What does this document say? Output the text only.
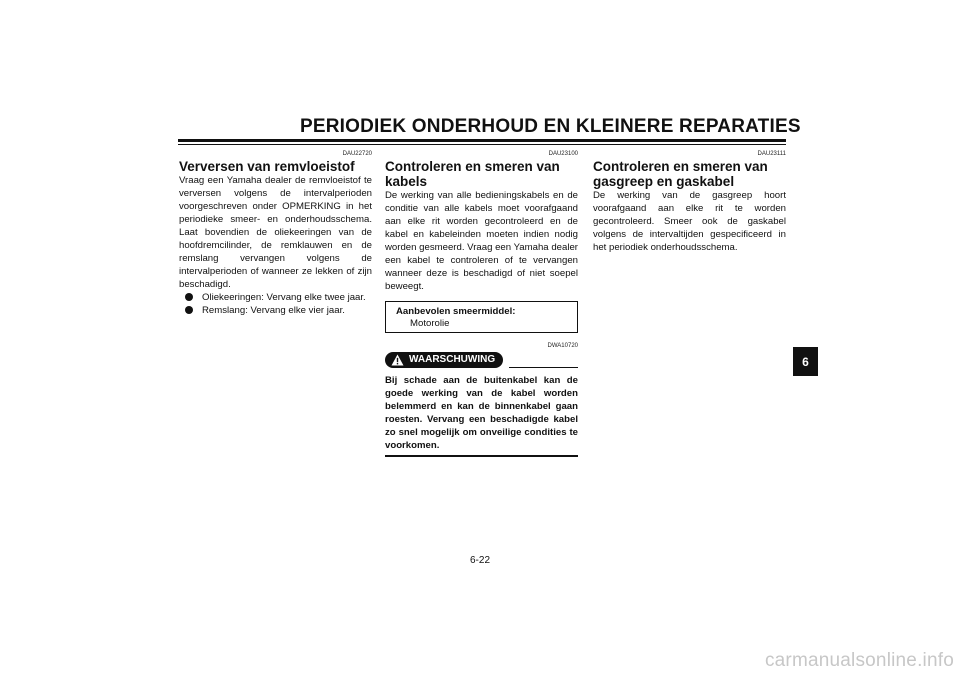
PERIODIEK ONDERHOUD EN KLEINERE REPARATIES
DAU22720
Verversen van remvloeistof
Vraag een Yamaha dealer de remvloeistof te verversen volgens de intervalperioden voorgeschreven onder OPMERKING in het periodieke smeer- en onderhoudsschema. Laat bovendien de oliekeeringen van de hoofdremcilinder, de remklauwen en de remslang vervangen volgens de intervalperioden of wanneer ze lekken of zijn beschadigd.
Oliekeeringen: Vervang elke twee jaar.
Remslang: Vervang elke vier jaar.
DAU23100
Controleren en smeren van kabels
De werking van alle bedieningskabels en de conditie van alle kabels moet voorafgaand aan elke rit worden gecontroleerd en de kabel en kabeleinden moeten indien nodig worden gesmeerd. Vraag een Yamaha dealer een kabel te controleren of te vervangen wanneer deze is beschadigd of niet soepel beweegt.
Aanbevolen smeermiddel:
Motorolie
DWA10720
WAARSCHUWING
Bij schade aan de buitenkabel kan de goede werking van de kabel worden belemmerd en kan de binnenkabel gaan roesten. Vervang een beschadigde kabel zo snel mogelijk om onveilige condities te voorkomen.
DAU23111
Controleren en smeren van gasgreep en gaskabel
De werking van de gasgreep hoort voorafgaand aan elke rit te worden gecontroleerd. Smeer ook de gaskabel volgens de intervaltijden gespecificeerd in het periodiek onderhoudsschema.
6
6-22
carmanualsonline.info
